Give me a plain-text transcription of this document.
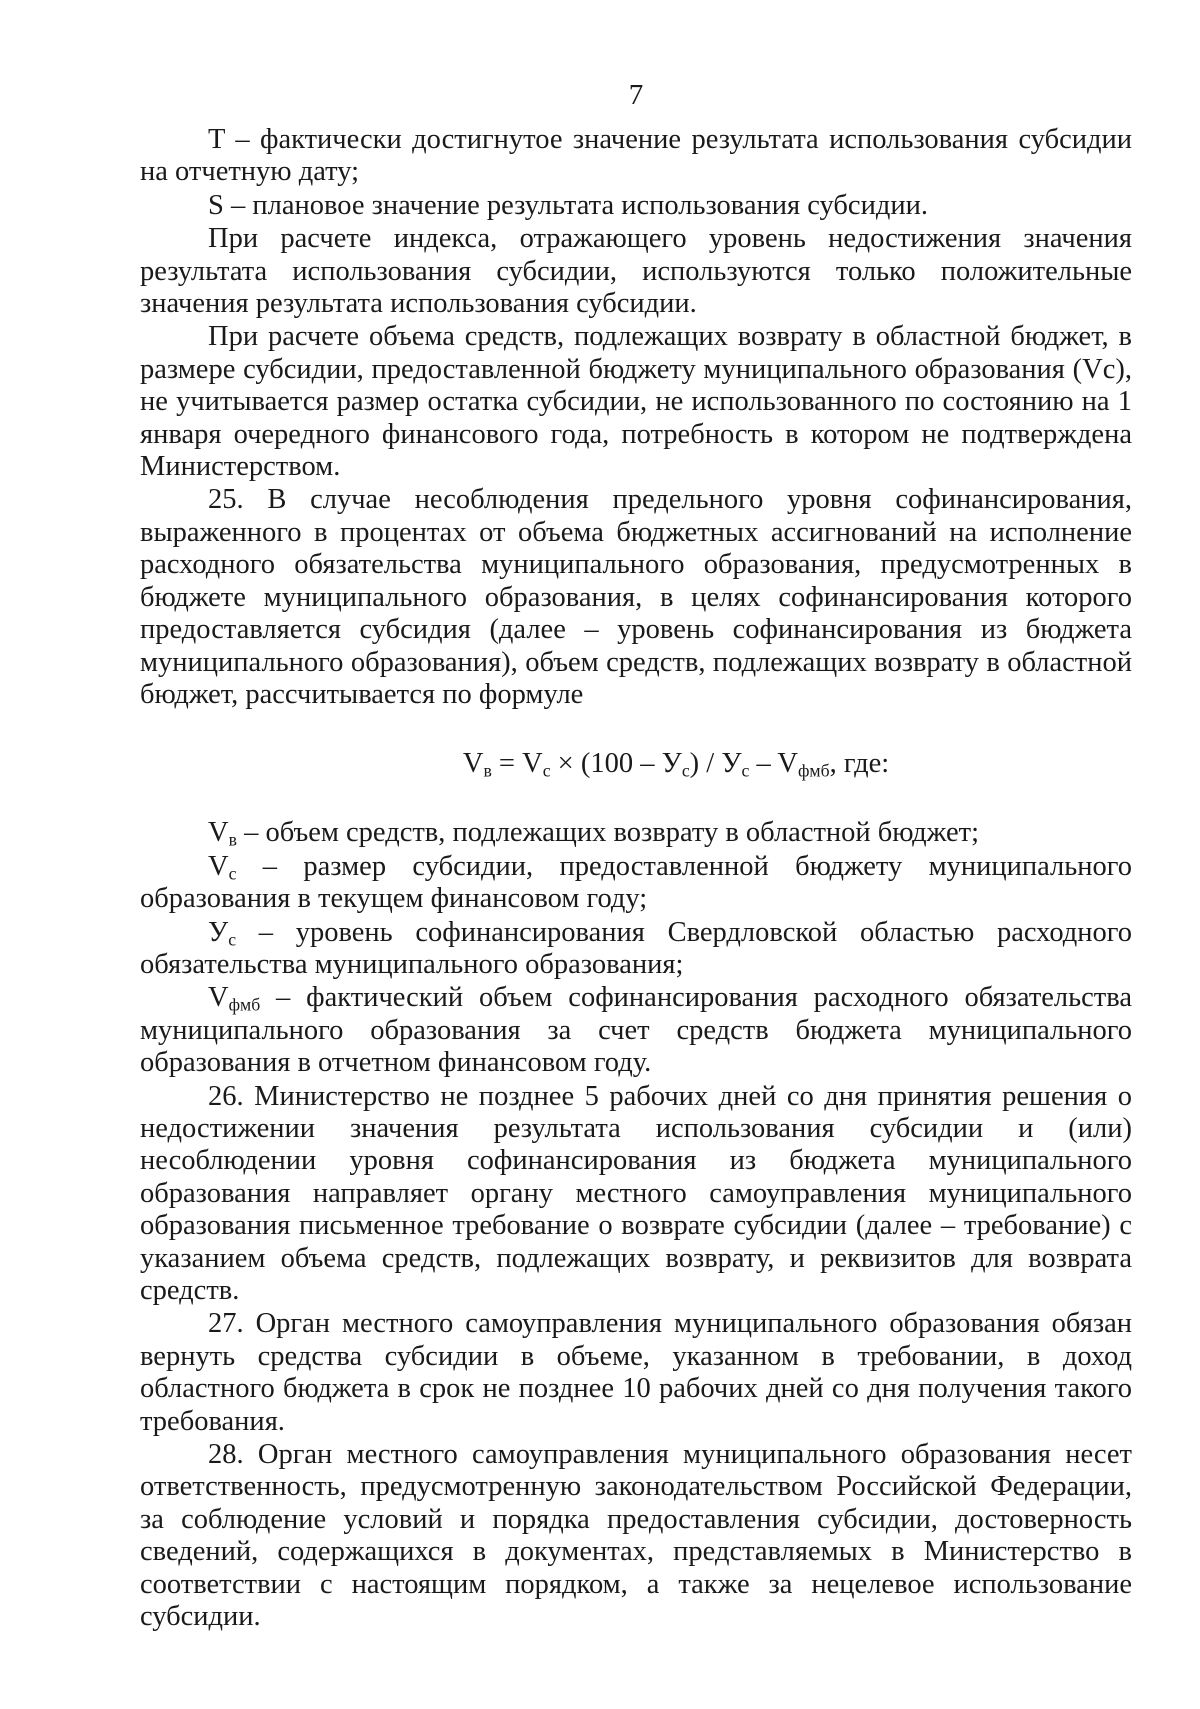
7

T – фактически достигнутое значение результата использования субсидии на отчетную дату;

S – плановое значение результата использования субсидии.

При расчете индекса, отражающего уровень недостижения значения результата использования субсидии, используются только положительные значения результата использования субсидии.

При расчете объема средств, подлежащих возврату в областной бюджет, в размере субсидии, предоставленной бюджету муниципального образования (Vc), не учитывается размер остатка субсидии, не использованного по состоянию на 1 января очередного финансового года, потребность в котором не подтверждена Министерством.

25. В случае несоблюдения предельного уровня софинансирования, выраженного в процентах от объема бюджетных ассигнований на исполнение расходного обязательства муниципального образования, предусмотренных в бюджете муниципального образования, в целях софинансирования которого предоставляется субсидия (далее – уровень софинансирования из бюджета муниципального образования), объем средств, подлежащих возврату в областной бюджет, рассчитывается по формуле

$V_в = V_c \times (100 - У_c) / У_c - V_{фмб}$, где:

$V_в$ – объем средств, подлежащих возврату в областной бюджет;

$V_c$ – размер субсидии, предоставленной бюджету муниципального образования в текущем финансовом году;

$У_c$ – уровень софинансирования Свердловской областью расходного обязательства муниципального образования;

$V_{фмб}$ – фактический объем софинансирования расходного обязательства муниципального образования за счет средств бюджета муниципального образования в отчетном финансовом году.

26. Министерство не позднее 5 рабочих дней со дня принятия решения о недостижении значения результата использования субсидии и (или) несоблюдении уровня софинансирования из бюджета муниципального образования направляет органу местного самоуправления муниципального образования письменное требование о возврате субсидии (далее – требование) с указанием объема средств, подлежащих возврату, и реквизитов для возврата средств.

27. Орган местного самоуправления муниципального образования обязан вернуть средства субсидии в объеме, указанном в требовании, в доход областного бюджета в срок не позднее 10 рабочих дней со дня получения такого требования.

28. Орган местного самоуправления муниципального образования несет ответственность, предусмотренную законодательством Российской Федерации, за соблюдение условий и порядка предоставления субсидии, достоверность сведений, содержащихся в документах, представляемых в Министерство в соответствии с настоящим порядком, а также за нецелевое использование субсидии.
